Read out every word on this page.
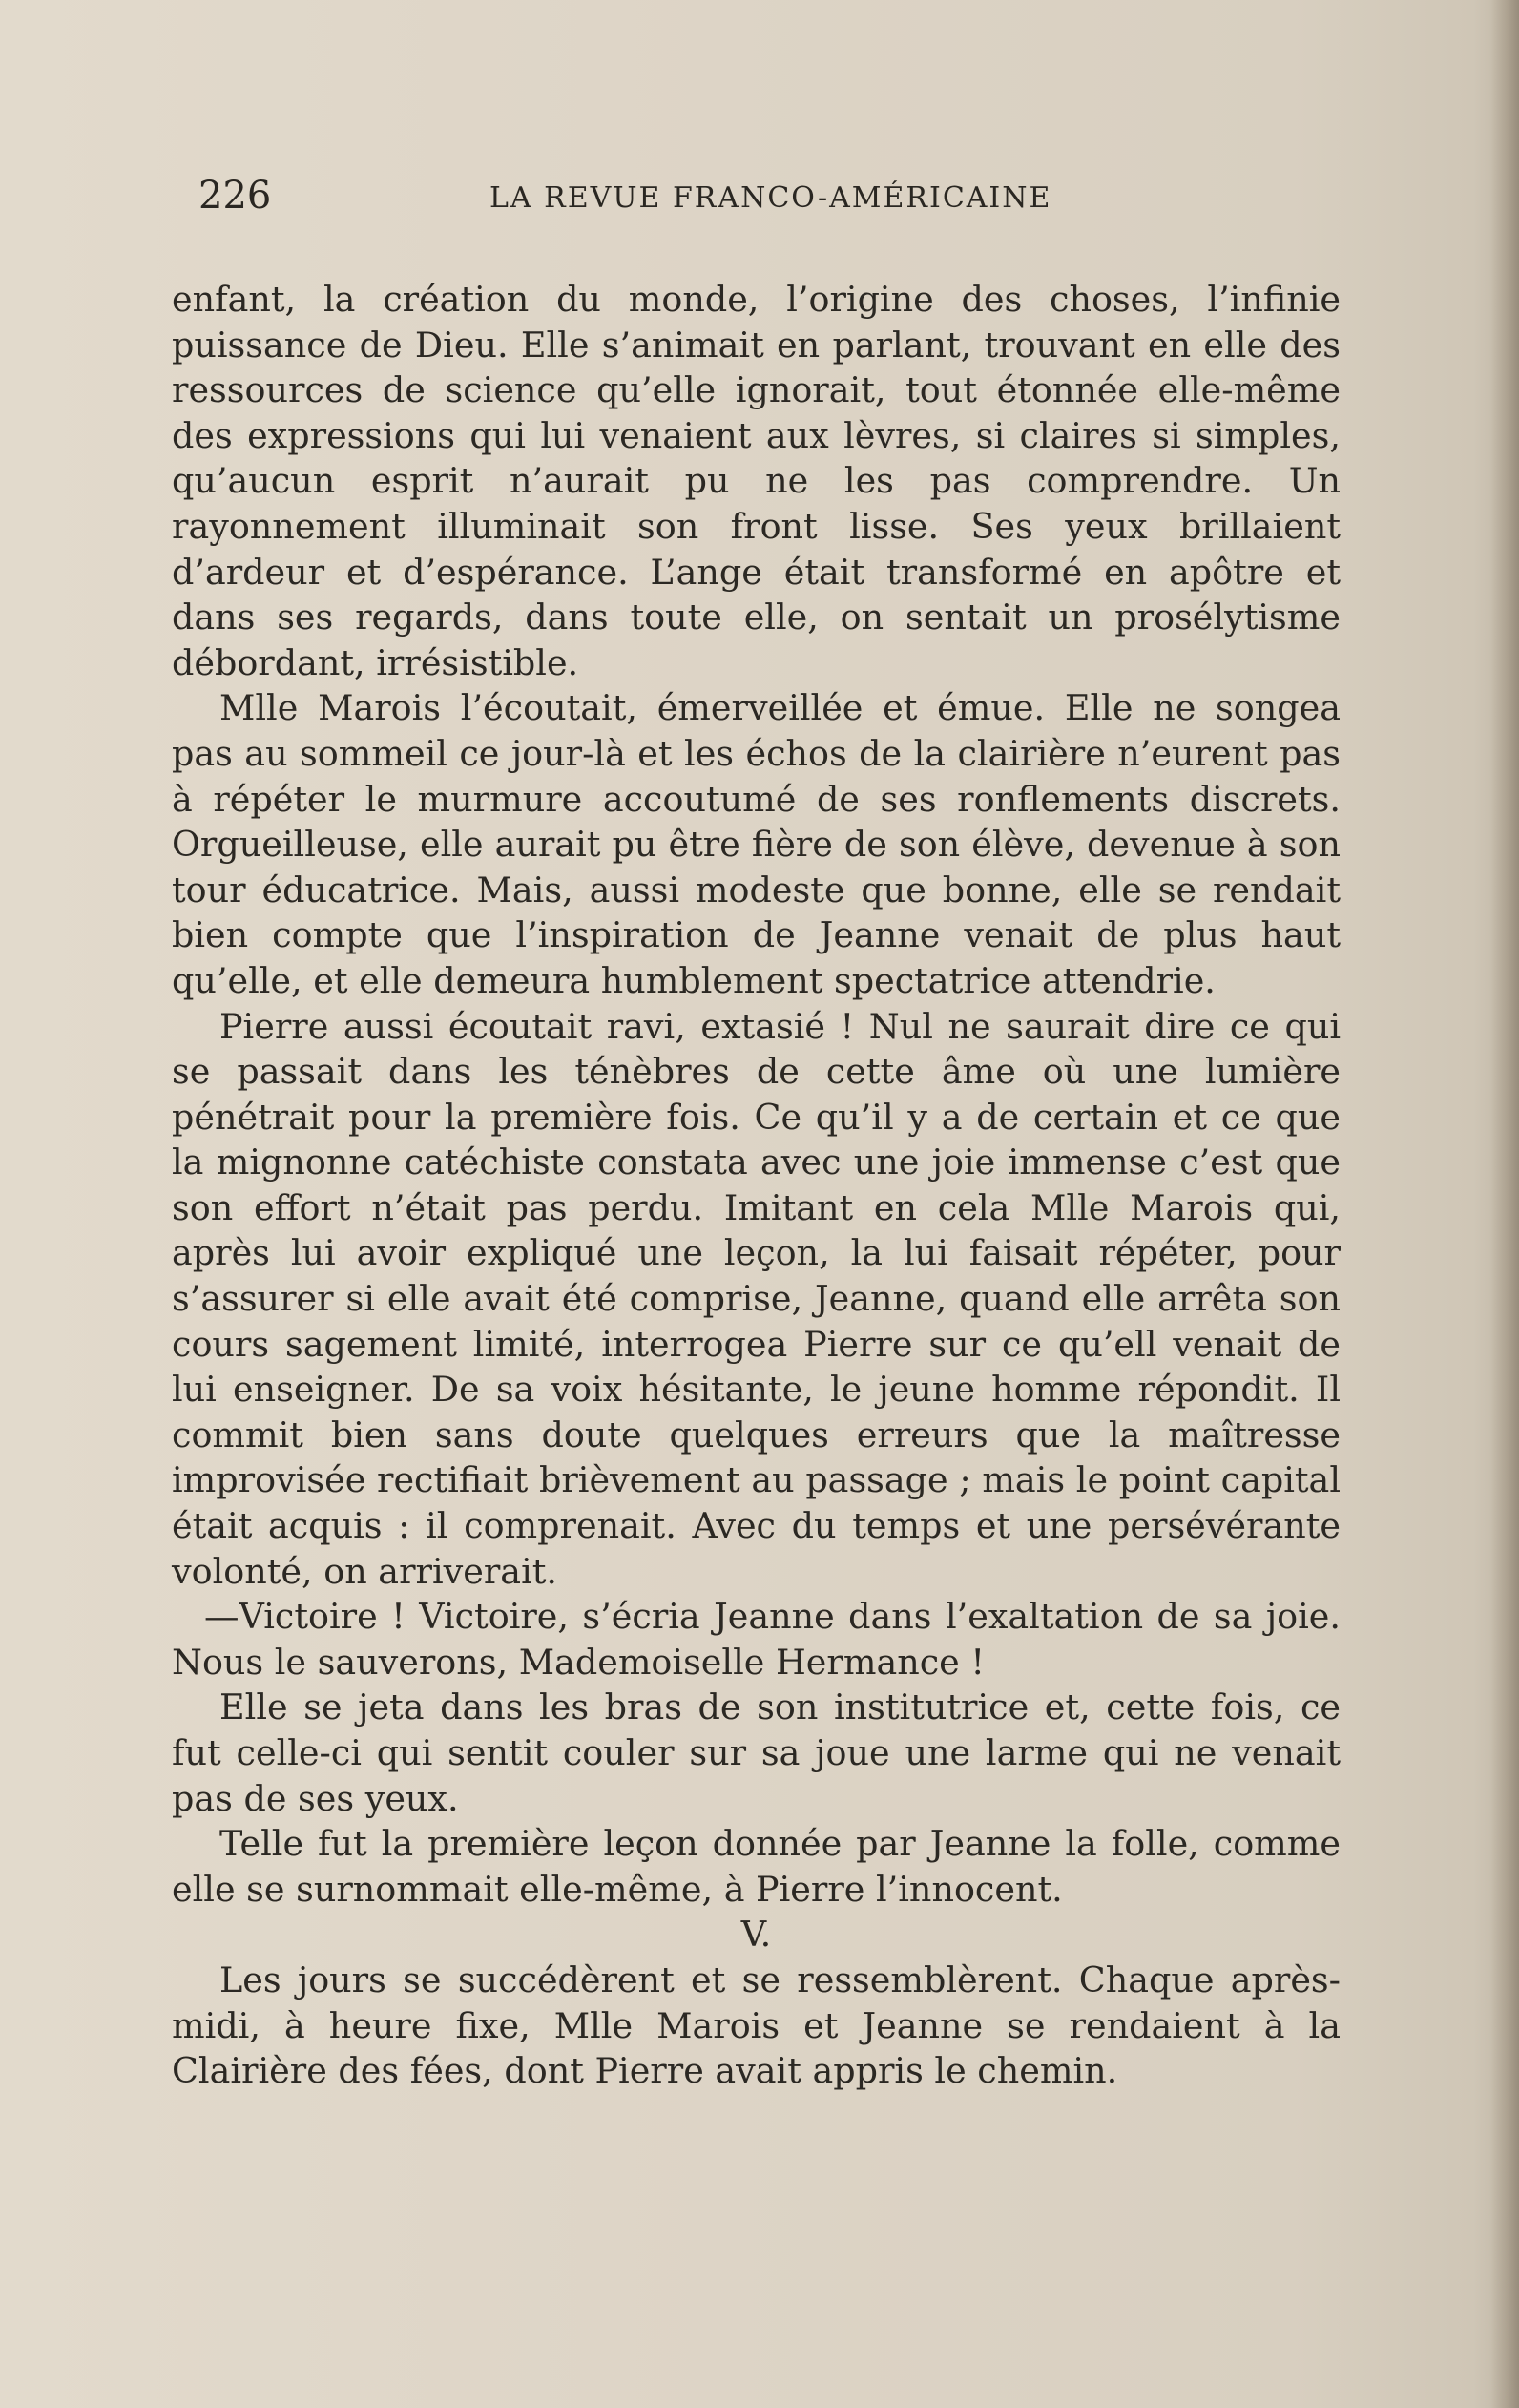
226	LA REVUE FRANCO-AMÉRICAINE

enfant, la création du monde, l’origine des choses, l’infinie puissance de Dieu. Elle s’animait en parlant, trouvant en elle des ressources de science qu’elle ignorait, tout étonnée elle-même des expressions qui lui venaient aux lèvres, si claires si simples, qu’aucun esprit n’aurait pu ne les pas comprendre. Un rayonnement illuminait son front lisse. Ses yeux brillaient d’ardeur et d’espérance. L’ange était transformé en apôtre et dans ses regards, dans toute elle, on sentait un prosélytisme débordant, irrésistible.

Mlle Marois l’écoutait, émerveillée et émue. Elle ne songea pas au sommeil ce jour-là et les échos de la clairière n’eurent pas à répéter le murmure accoutumé de ses ronflements discrets. Orgueilleuse, elle aurait pu être fière de son élève, devenue à son tour éducatrice. Mais, aussi modeste que bonne, elle se rendait bien compte que l’inspiration de Jeanne venait de plus haut qu’elle, et elle demeura humblement spectatrice attendrie.

Pierre aussi écoutait ravi, extasié ! Nul ne saurait dire ce qui se passait dans les ténèbres de cette âme où une lumière pénétrait pour la première fois. Ce qu’il y a de certain et ce que la mignonne catéchiste constata avec une joie immense c’est que son effort n’était pas perdu. Imitant en cela Mlle Marois qui, après lui avoir expliqué une leçon, la lui faisait répéter, pour s’assurer si elle avait été comprise, Jeanne, quand elle arrêta son cours sagement limité, interrogea Pierre sur ce qu’ell venait de lui enseigner. De sa voix hésitante, le jeune homme répondit. Il commit bien sans doute quelques erreurs que la maîtresse improvisée rectifiait brièvement au passage ; mais le point capital était acquis : il comprenait. Avec du temps et une persévérante volonté, on arriverait.

—Victoire ! Victoire, s’écria Jeanne dans l’exaltation de sa joie. Nous le sauverons, Mademoiselle Hermance !

Elle se jeta dans les bras de son institutrice et, cette fois, ce fut celle-ci qui sentit couler sur sa joue une larme qui ne venait pas de ses yeux.

Telle fut la première leçon donnée par Jeanne la folle, comme elle se surnommait elle-même, à Pierre l’innocent.

V.

Les jours se succédèrent et se ressemblèrent. Chaque après-midi, à heure fixe, Mlle Marois et Jeanne se rendaient à la Clairière des fées, dont Pierre avait appris le chemin.
